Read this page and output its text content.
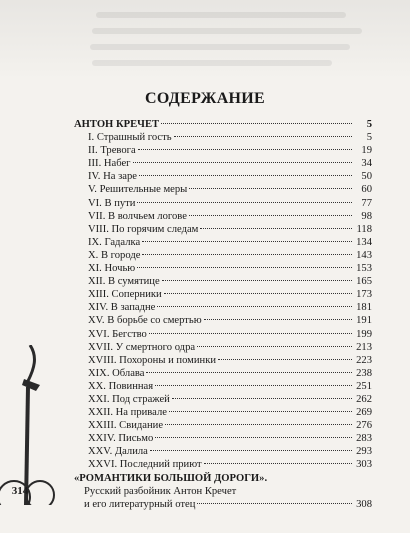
СОДЕРЖАНИЕ
АНТОН КРЕЧЕТ	5
I. Страшный гость	5
II. Тревога	19
III. Набег	34
IV. На заре	50
V. Решительные меры	60
VI. В пути	77
VII. В волчьем логове	98
VIII. По горячим следам	118
IX. Гадалка	134
X. В городе	143
XI. Ночью	153
XII. В сумятице	165
XIII. Соперники	173
XIV. В западне	181
XV. В борьбе со смертью	191
XVI. Бегство	199
XVII. У смертного одра	213
XVIII. Похороны и поминки	223
XIX. Облава	238
XX. Повинная	251
XXI. Под стражей	262
XXII. На привале	269
XXIII. Свидание	276
XXIV. Письмо	283
XXV. Далила	293
XXVI. Последний приют	303
314
«РОМАНТИКИ БОЛЬШОЙ ДОРОГИ».
Русский разбойник Антон Кречет
и его литературный отец	308
